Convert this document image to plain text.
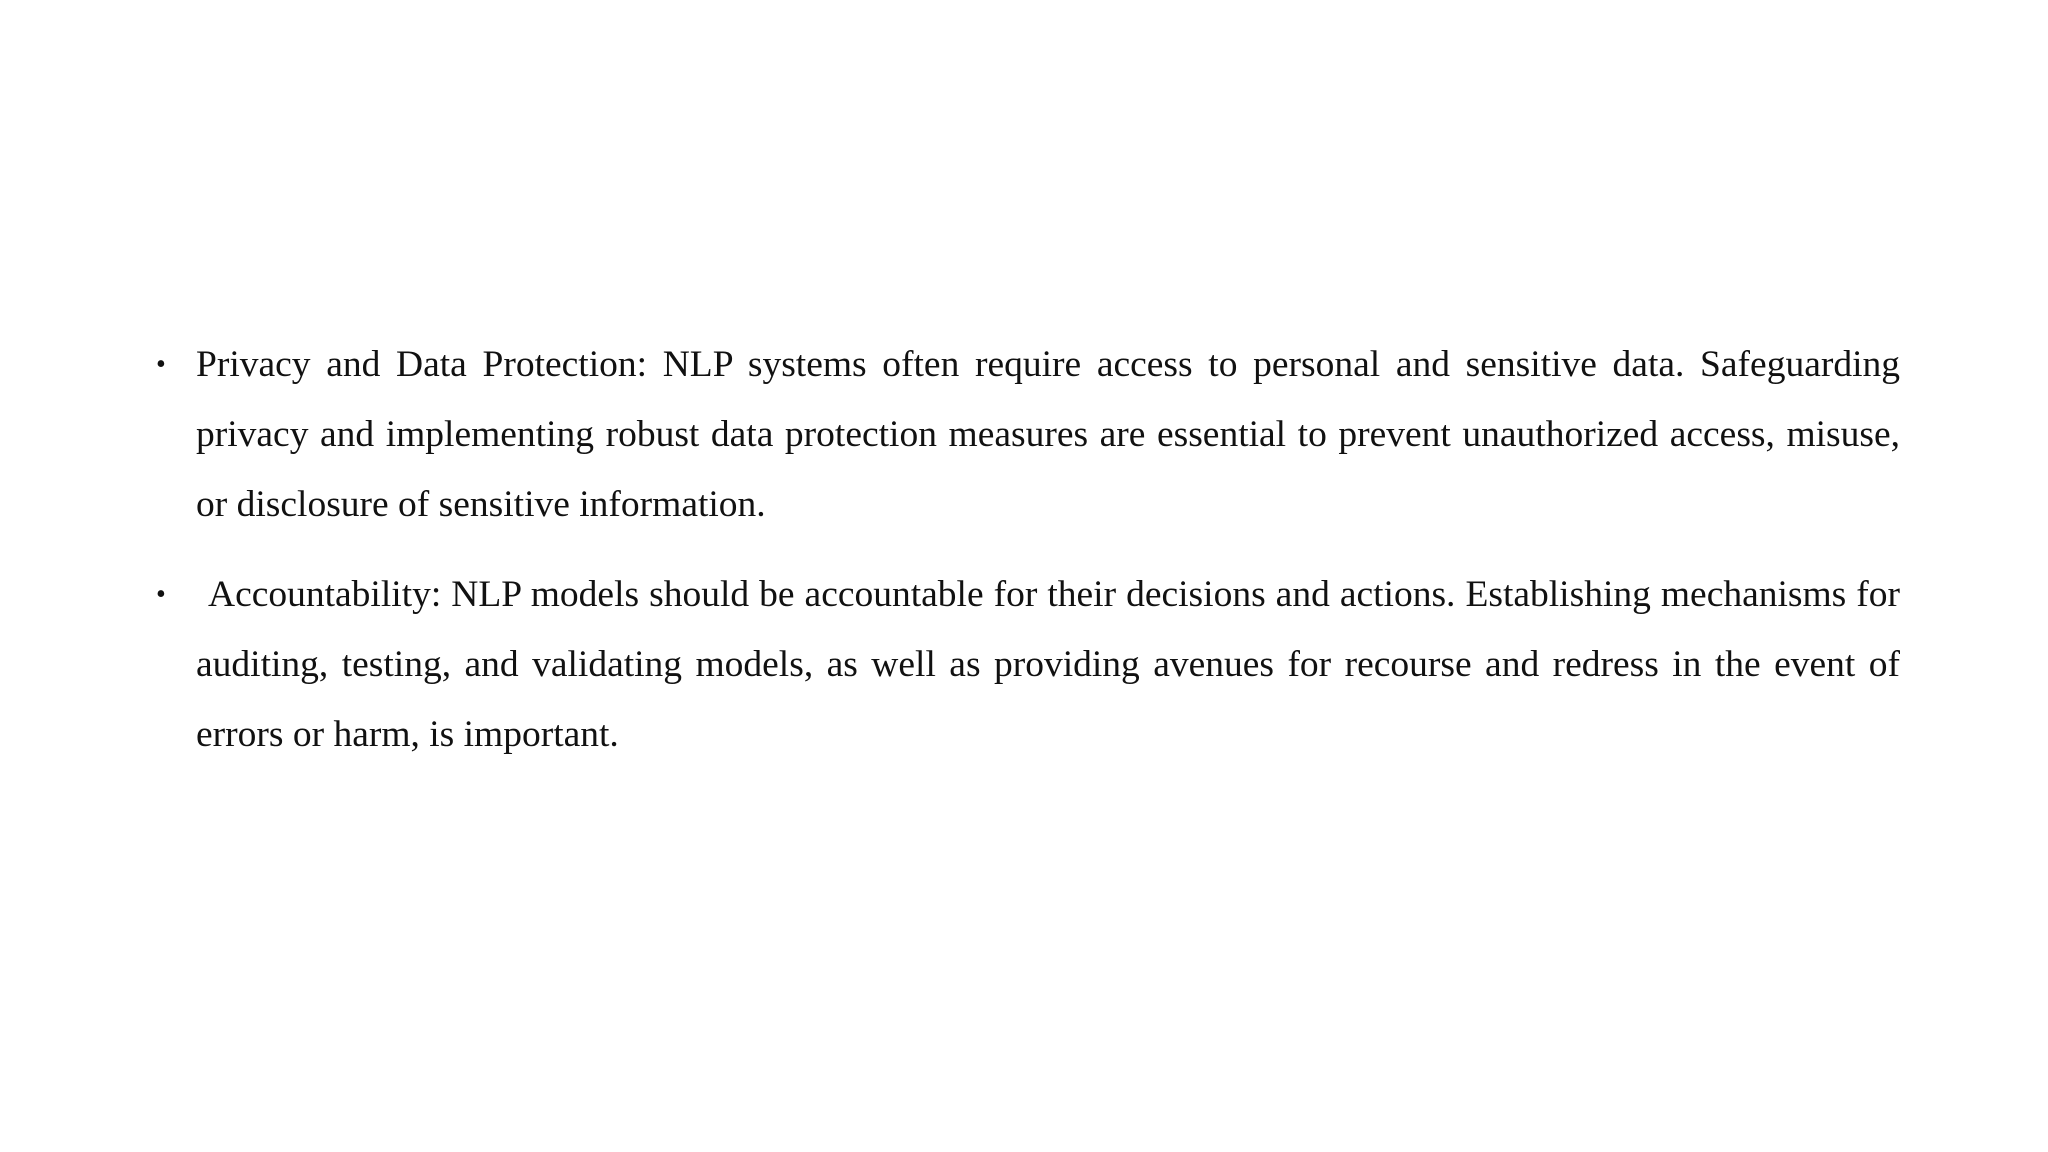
• Privacy and Data Protection: NLP systems often require access to personal and sensitive data. Safeguarding privacy and implementing robust data protection measures are essential to prevent unauthorized access, misuse, or disclosure of sensitive information.
•	Accountability: NLP models should be accountable for their decisions and actions. Establishing mechanisms for auditing, testing, and validating models, as well as providing avenues for recourse and redress in the event of errors or harm, is important.
